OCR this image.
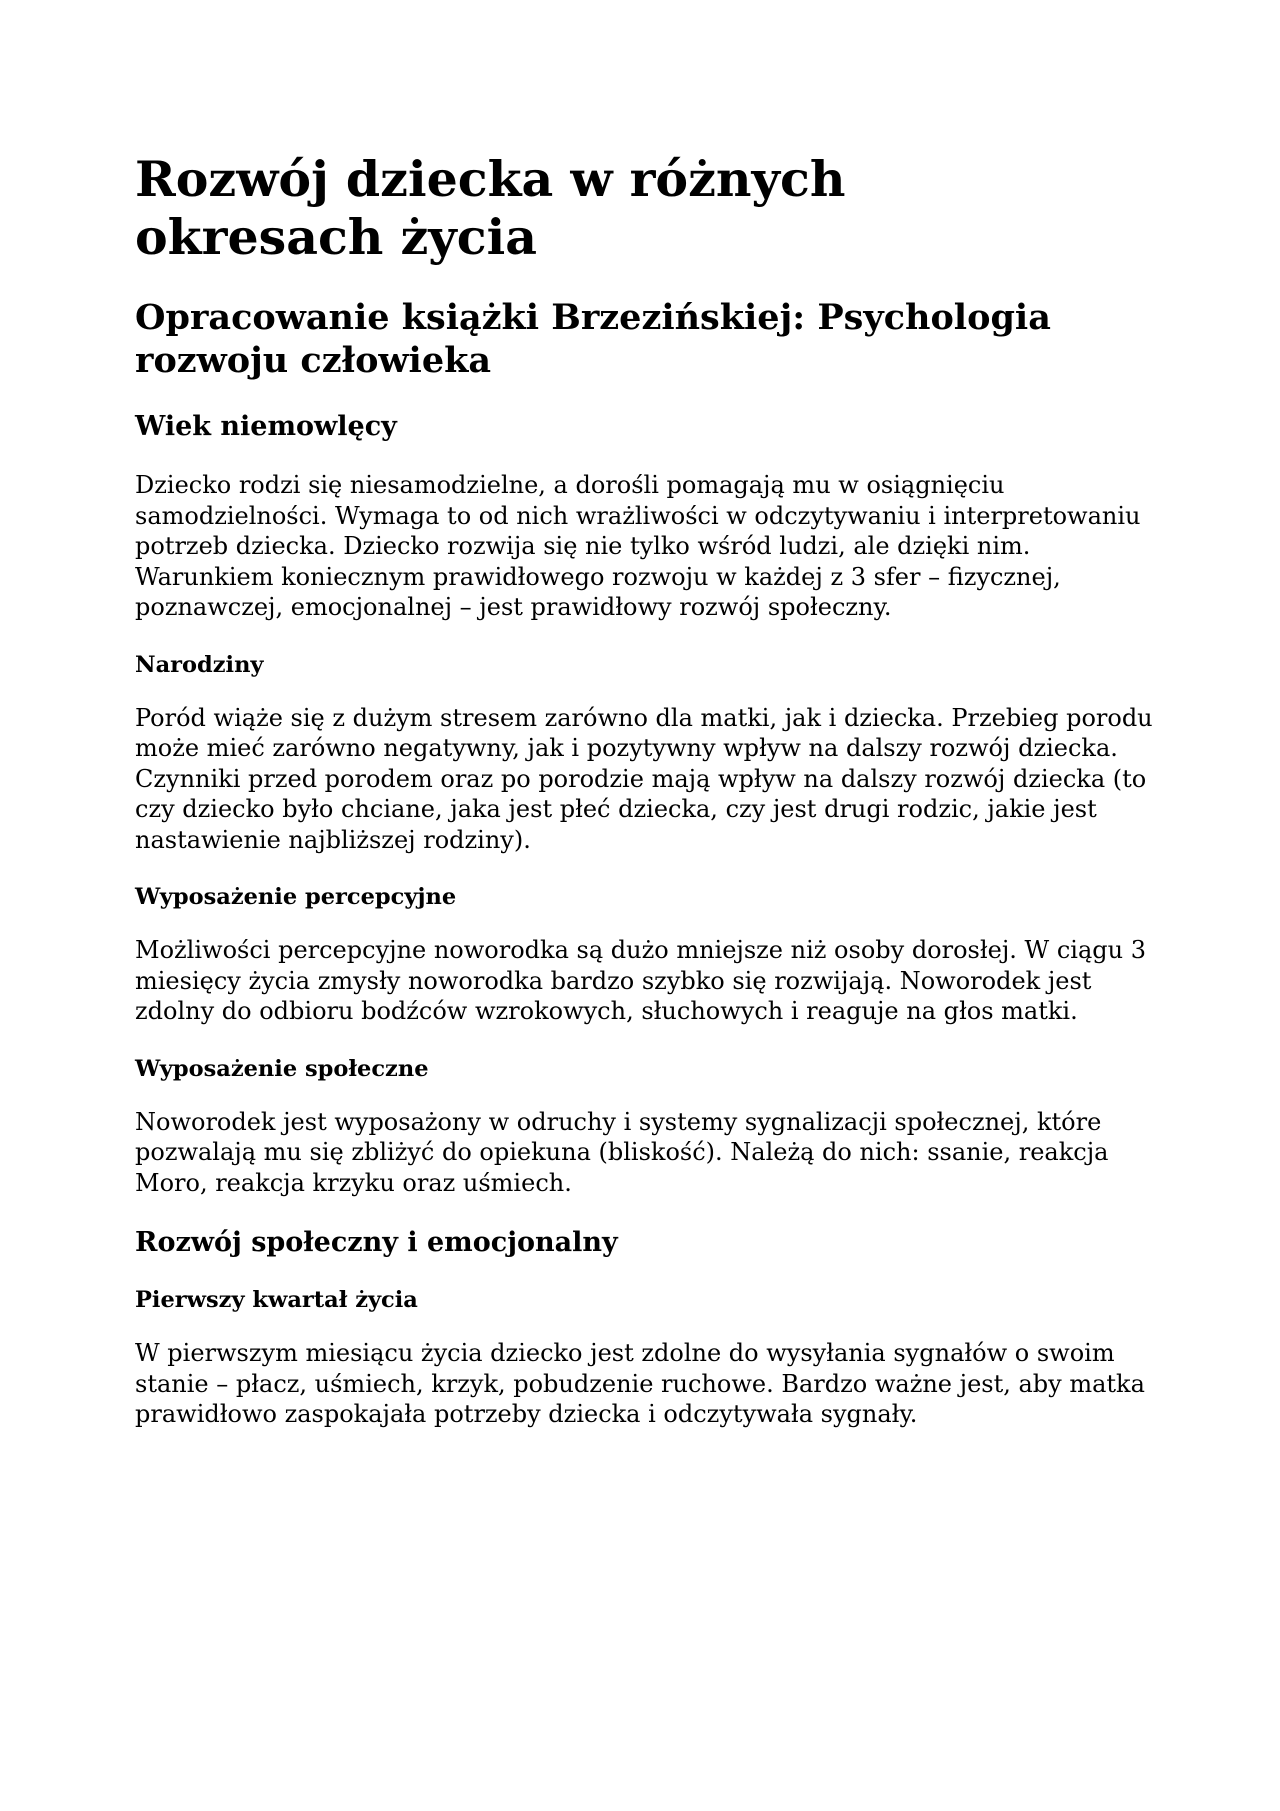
Rozwój dziecka w różnych okresach życia
Opracowanie książki Brzezińskiej: Psychologia rozwoju człowieka
Wiek niemowlęcy

Dziecko rodzi się niesamodzielne, a dorośli pomagają mu w osiągnięciu samodzielności. Wymaga to od nich wrażliwości w odczytywaniu i interpretowaniu potrzeb dziecka. Dziecko rozwija się nie tylko wśród ludzi, ale dzięki nim. Warunkiem koniecznym prawidłowego rozwoju w każdej z 3 sfer – fizycznej, poznawczej, emocjonalnej – jest prawidłowy rozwój społeczny.

Narodziny

Poród wiąże się z dużym stresem zarówno dla matki, jak i dziecka. Przebieg porodu może mieć zarówno negatywny, jak i pozytywny wpływ na dalszy rozwój dziecka. Czynniki przed porodem oraz po porodzie mają wpływ na dalszy rozwój dziecka (to czy dziecko było chciane, jaka jest płeć dziecka, czy jest drugi rodzic, jakie jest nastawienie najbliższej rodziny).

Wyposażenie percepcyjne

Możliwości percepcyjne noworodka są dużo mniejsze niż osoby dorosłej. W ciągu 3 miesięcy życia zmysły noworodka bardzo szybko się rozwijają. Noworodek jest zdolny do odbioru bodźców wzrokowych, słuchowych i reaguje na głos matki.

Wyposażenie społeczne

Noworodek jest wyposażony w odruchy i systemy sygnalizacji społecznej, które pozwalają mu się zbliżyć do opiekuna (bliskość). Należą do nich: ssanie, reakcja Moro, reakcja krzyku oraz uśmiech.

Rozwój społeczny i emocjonalny
Pierwszy kwartał życia

W pierwszym miesiącu życia dziecko jest zdolne do wysyłania sygnałów o swoim stanie – płacz, uśmiech, krzyk, pobudzenie ruchowe. Bardzo ważne jest, aby matka prawidłowo zaspokajała potrzeby dziecka i odczytywała sygnały.
